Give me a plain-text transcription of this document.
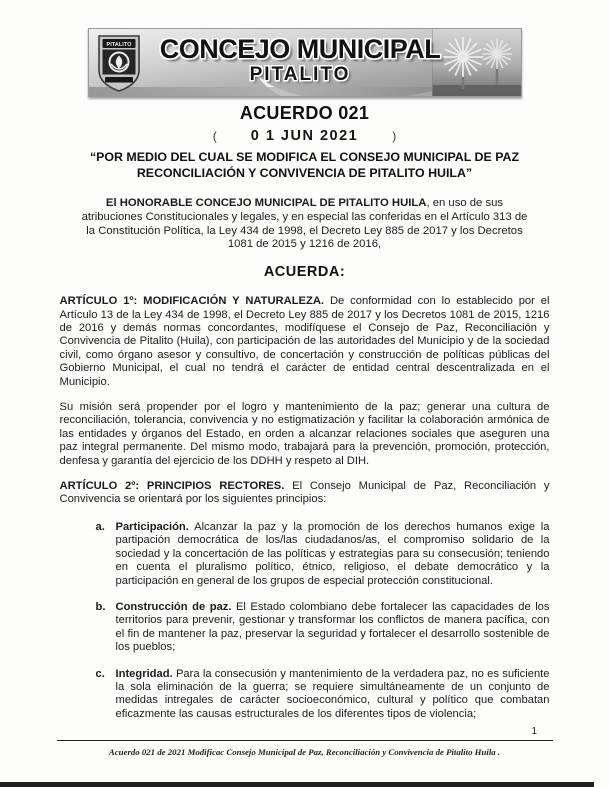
PITALITO	CONCEJO MUNICIPAL
PITALITO
ACUERDO 021
( 0 1 JUN 2021	)
“POR MEDIO DEL CUAL SE MODIFICA EL CONSEJO MUNICIPAL DE PAZ RECONCILIACIÓN Y CONVIVENCIA DE PITALITO HUILA”

El HONORABLE CONCEJO MUNICIPAL DE PITALITO HUILA, en uso de sus atribuciones Constitucionales y legales, y en especial las conferidas en el Artículo 313 de la Constitución Política, la Ley 434 de 1998, el Decreto Ley 885 de 2017 y los Decretos 1081 de 2015 y 1216 de 2016,

ACUERDA:

ARTÍCULO 1º: MODIFICACIÓN Y NATURALEZA. De conformidad con lo establecido por el Artículo 13 de la Ley 434 de 1998, el Decreto Ley 885 de 2017 y los Decretos 1081 de 2015, 1216 de 2016 y demás normas concordantes, modifíquese el Consejo de Paz, Reconciliación y Convivencia de Pitalito (Huila), con participación de las autoridades del Municipio y de la sociedad civil, como órgano asesor y consultivo, de concertación y construcción de políticas públicas del Gobierno Municipal, el cual no tendrá el carácter de entidad central descentralizada en el Municipio.

Su misión será propender por el logro y mantenimiento de la paz; generar una cultura de reconciliación, tolerancia, convivencia y no estigmatización y facilitar la colaboración armónica de las entidades y órganos del Estado, en orden a alcanzar relaciones sociales que aseguren una paz integral permanente. Del mismo modo, trabajará para la prevención, promoción, protección, denfesa y garantía del ejercicio de los DDHH y respeto al DIH.

ARTÍCULO 2º: PRINCIPIOS RECTORES. El Consejo Municipal de Paz, Reconciliación y Convivencia se orientará por los siguientes principios:

a. Participación. Alcanzar la paz y la promoción de los derechos humanos exige la partipación democrática de los/las ciudadanos/as, el compromiso solidario de la sociedad y la concertación de las políticas y estrategias para su consecusión; teniendo en cuenta el pluralismo político, étnico, religioso, el debate democrático y la participación en general de los grupos de especial protección constitucional.
b. Construcción de paz. El Estado colombiano debe fortalecer las capacidades de los territorios para prevenir, gestionar y transformar los conflictos de manera pacífica, con el fin de mantener la paz, preservar la seguridad y fortalecer el desarrollo sostenible de los pueblos;
c. Integridad. Para la consecusión y mantenimiento de la verdadera paz, no es suficiente la sola eliminación de la guerra; se requiere simultáneamente de un conjunto de medidas intregales de carácter socioeconómico, cultural y político que combatan eficazmente las causas estructurales de los diferentes tipos de violencia;
1
Acuerdo 021 de 2021 Modificac Consejo Municipal de Paz, Reconciliación y Convivencia de Pitalito Huila .
